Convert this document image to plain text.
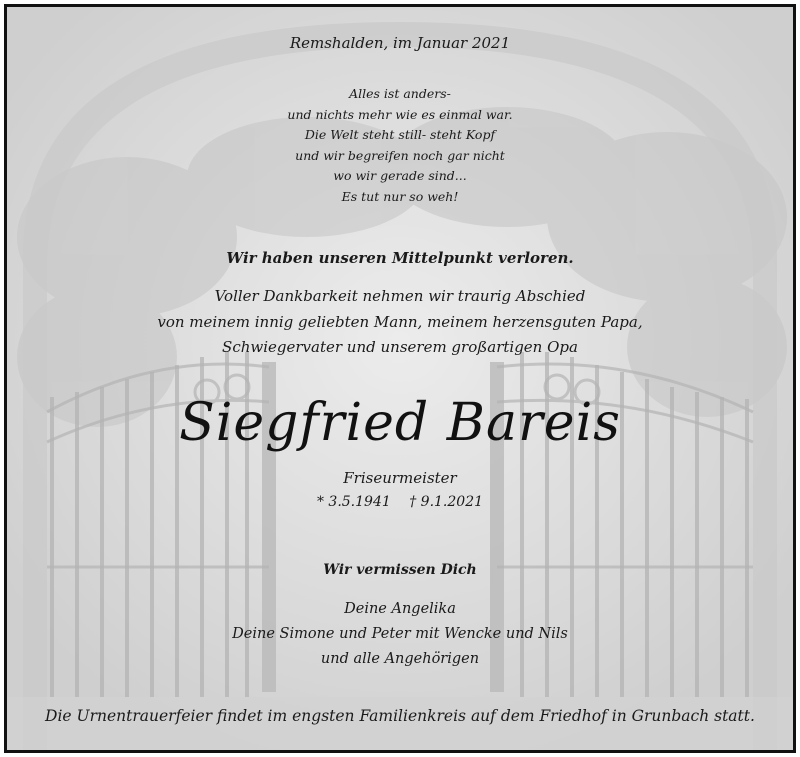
Remshalden, im Januar 2021
Alles ist anders-
und nichts mehr wie es einmal war.
Die Welt steht still- steht Kopf
und wir begreifen noch gar nicht
wo wir gerade sind...
Es tut nur so weh!
Wir haben unseren Mittelpunkt verloren.
Voller Dankbarkeit nehmen wir traurig Abschied
von meinem innig geliebten Mann, meinem herzensguten Papa,
Schwiegervater und unserem großartigen Opa
Siegfried Bareis
Friseurmeister
* 3.5.1941 † 9.1.2021
Wir vermissen Dich
Deine Angelika
Deine Simone und Peter mit Wencke und Nils
und alle Angehörigen
Die Urnentrauerfeier findet im engsten Familienkreis auf dem Friedhof in Grunbach statt.
